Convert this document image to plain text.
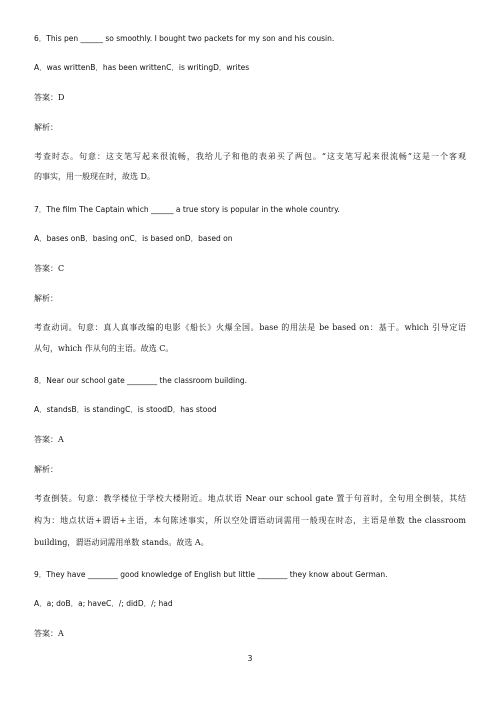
6．This pen ______ so smoothly. I bought two packets for my son and his cousin.
A．was writtenB．has been writtenC．is writingD．writes
答案：D
解析：
考查时态。句意：这支笔写起来很流畅，我给儿子和他的表弟买了两包。“这支笔写起来很流畅”这是一个客观
的事实，用一般现在时，故选 D。
7．The film The Captain which ______ a true story is popular in the whole country.
A．bases onB．basing onC．is based onD．based on
答案：C
解析：
考查动词。句意：真人真事改编的电影《船长》火爆全国。base 的用法是 be based on：基于。which 引导定语
从句，which 作从句的主语。故选 C。
8．Near our school gate ________ the classroom building.
A．standsB．is standingC．is stoodD．has stood
答案：A
解析：
考查倒装。句意：教学楼位于学校大楼附近。地点状语 Near our school gate 置于句首时，全句用全倒装，其结
构为：地点状语+谓语+主语，本句陈述事实，所以空处谓语动词需用一般现在时态，主语是单数 the classroom
building，谓语动词需用单数 stands。故选 A。
9．They have ________ good knowledge of English but little ________ they know about German.
A．a; doB．a; haveC．/; didD．/; had
答案：A
3
